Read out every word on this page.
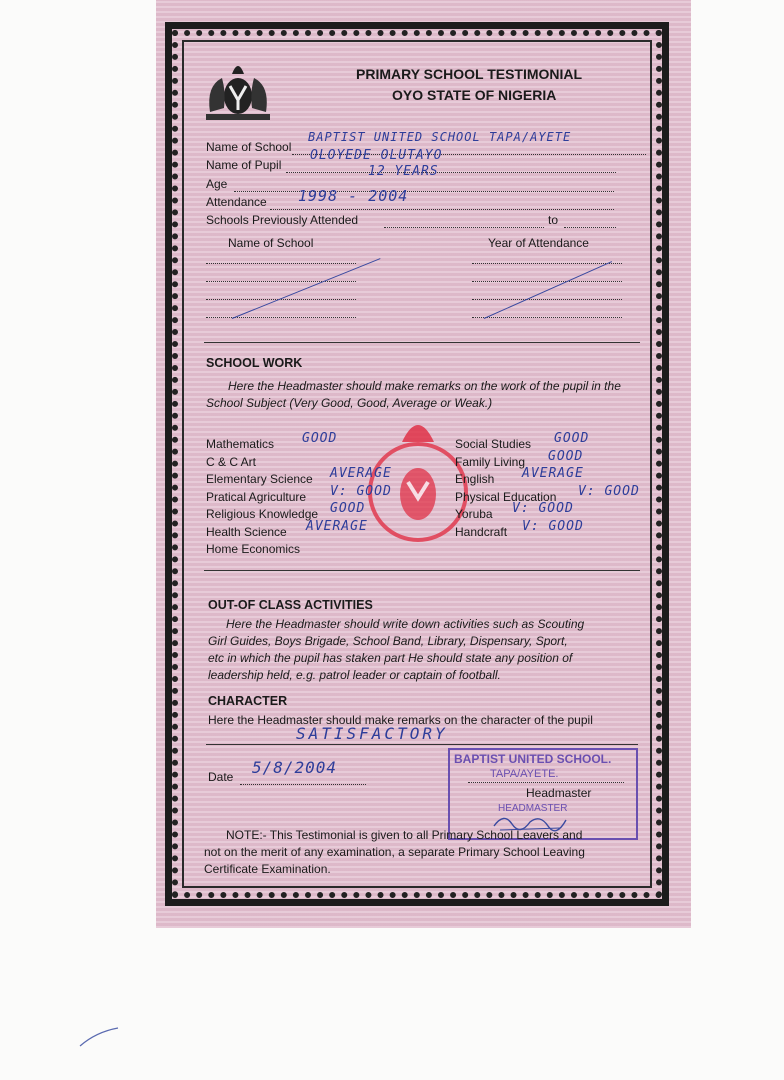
PRIMARY SCHOOL TESTIMONIAL
OYO STATE OF NIGERIA
Name of School
BAPTIST UNITED SCHOOL TAPA/AYETE
Name of Pupil
OLOYEDE OLUTAYO
Age
12 YEARS
Attendance 1998 - 2004
Schools Previously Attended	to
Name of School	Year of Attendance
SCHOOL WORK
Here the Headmaster should make remarks on the work of the pupil in the School Subject (Very Good, Good, Average or Weak.)
Mathematics GOOD
C & C Art
Elementary Science AVERAGE
Pratical Agriculture V: GOOD
Religious Knowledge GOOD
Health Science AVERAGE
Home Economics
Social Studies GOOD
Family Living GOOD
English AVERAGE
Physical Education V: GOOD
Yoruba V: GOOD
Handcraft V: GOOD
OUT-OF CLASS ACTIVITIES
Here the Headmaster should write down activities such as Scouting
Girl Guides, Boys Brigade, School Band, Library, Dispensary, Sport,
etc in which the pupil has staken part He should state any position of
leadership held, e.g. patrol leader or captain of football.
CHARACTER
Here the Headmaster should make remarks on the character of the pupil
SATISFACTORY
Date 5/8/2004	BAPTIST UNITED SCHOOL.
TAPA/AYETE.
Headmaster
HEADMASTER
NOTE:- This Testimonial is given to all Primary School Leavers and
not on the merit of any examination, a separate Primary School Leaving
Certificate Examination.
